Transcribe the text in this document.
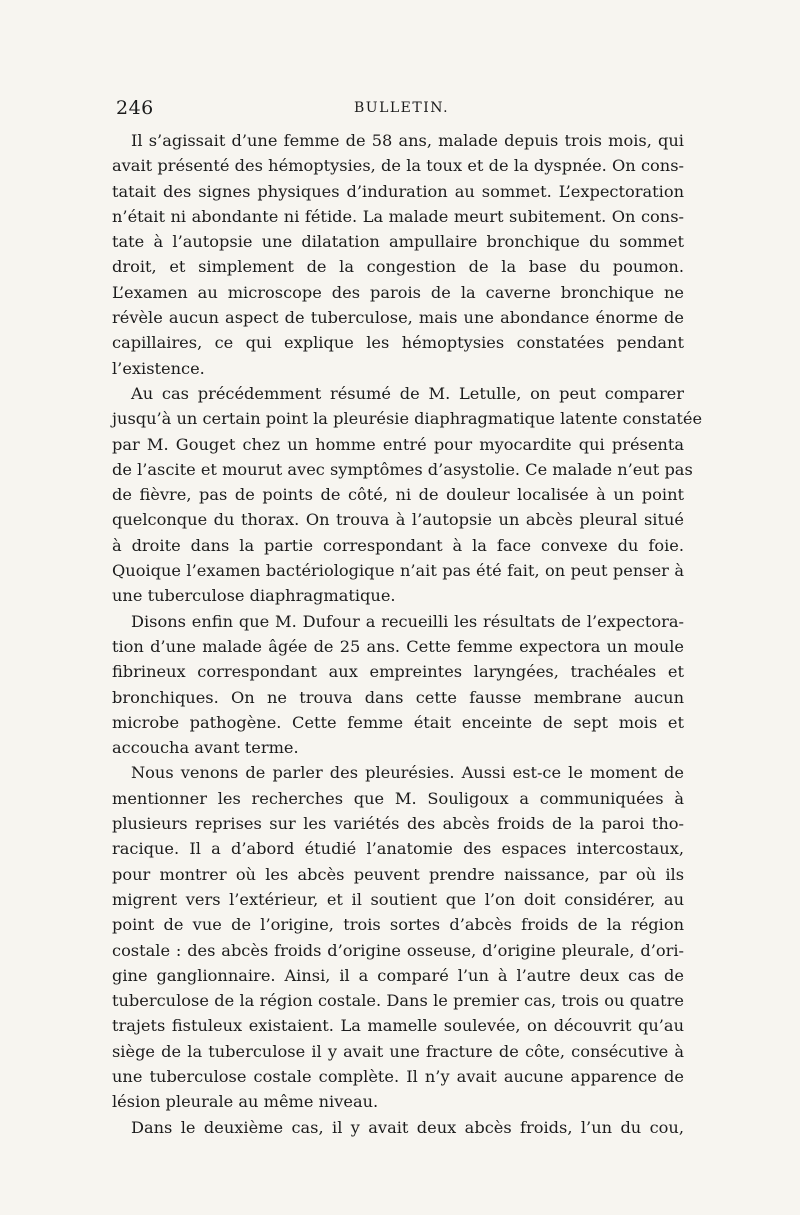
246	BULLETIN.
Il s’agissait d’une femme de 58 ans, malade depuis trois mois, qui
avait présenté des hémoptysies, de la toux et de la dyspnée. On cons-
tatait des signes physiques d’induration au sommet. L’expectoration
n’était ni abondante ni fétide. La malade meurt subitement. On cons-
tate à l’autopsie une dilatation ampullaire bronchique du sommet
droit, et simplement de la congestion de la base du poumon.
L’examen au microscope des parois de la caverne bronchique ne
révèle aucun aspect de tuberculose, mais une abondance énorme de
capillaires, ce qui explique les hémoptysies constatées pendant
l’existence.
Au cas précédemment résumé de M. Letulle, on peut comparer
jusqu’à un certain point la pleurésie diaphragmatique latente constatée
par M. Gouget chez un homme entré pour myocardite qui présenta
de l’ascite et mourut avec symptômes d’asystolie. Ce malade n’eut pas
de fièvre, pas de points de côté, ni de douleur localisée à un point
quelconque du thorax. On trouva à l’autopsie un abcès pleural situé
à droite dans la partie correspondant à la face convexe du foie.
Quoique l’examen bactériologique n’ait pas été fait, on peut penser à
une tuberculose diaphragmatique.
Disons enfin que M. Dufour a recueilli les résultats de l’expectora-
tion d’une malade âgée de 25 ans. Cette femme expectora un moule
fibrineux correspondant aux empreintes laryngées, trachéales et
bronchiques. On ne trouva dans cette fausse membrane aucun
microbe pathogène. Cette femme était enceinte de sept mois et
accoucha avant terme.
Nous venons de parler des pleurésies. Aussi est-ce le moment de
mentionner les recherches que M. Souligoux a communiquées à
plusieurs reprises sur les variétés des abcès froids de la paroi tho-
racique. Il a d’abord étudié l’anatomie des espaces intercostaux,
pour montrer où les abcès peuvent prendre naissance, par où ils
migrent vers l’extérieur, et il soutient que l’on doit considérer, au
point de vue de l’origine, trois sortes d’abcès froids de la région
costale : des abcès froids d’origine osseuse, d’origine pleurale, d’ori-
gine ganglionnaire. Ainsi, il a comparé l’un à l’autre deux cas de
tuberculose de la région costale. Dans le premier cas, trois ou quatre
trajets fistuleux existaient. La mamelle soulevée, on découvrit qu’au
siège de la tuberculose il y avait une fracture de côte, consécutive à
une tuberculose costale complète. Il n’y avait aucune apparence de
lésion pleurale au même niveau.
Dans le deuxième cas, il y avait deux abcès froids, l’un du cou,
